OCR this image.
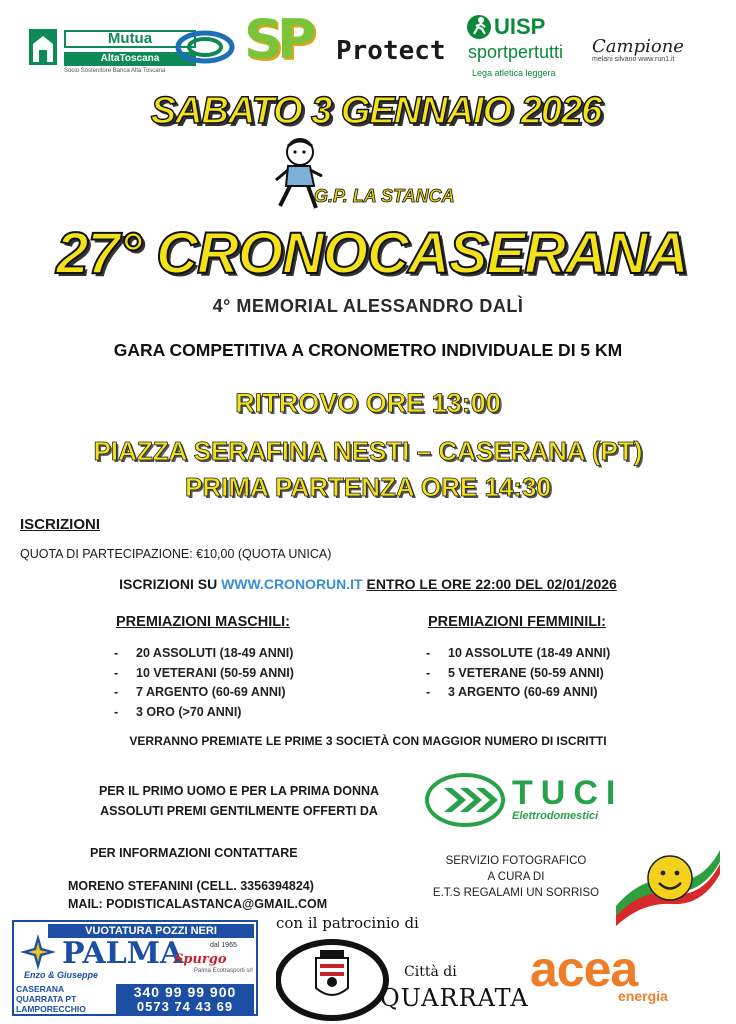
Mutua
AltaToscana
Socio Sostenitore Banca Alta Toscana	SP Protect
UISP
sportpertutti
Lega atletica leggera
Campione
melani silvano www.run1.it
SABATO 3 GENNAIO 2026
G.P. LA STANCA
27° CRONOCASERANA
4° MEMORIAL ALESSANDRO DALÌ
GARA COMPETITIVA A CRONOMETRO INDIVIDUALE DI 5 KM
RITROVO ORE 13:00
PIAZZA SERAFINA NESTI – CASERANA (PT)
PRIMA PARTENZA ORE 14:30
ISCRIZIONI
QUOTA DI PARTECIPAZIONE: €10,00 (QUOTA UNICA)
ISCRIZIONI SU WWW.CRONORUN.IT ENTRO LE ORE 22:00 DEL 02/01/2026
PREMIAZIONI MASCHILI:
- 20 ASSOLUTI (18-49 ANNI)
- 10 VETERANI (50-59 ANNI)
- 7 ARGENTO (60-69 ANNI)
- 3 ORO (>70 ANNI)
PREMIAZIONI FEMMINILI:
- 10 ASSOLUTE (18-49 ANNI)
- 5 VETERANE (50-59 ANNI)
- 3 ARGENTO (60-69 ANNI)
VERRANNO PREMIATE LE PRIME 3 SOCIETÀ CON MAGGIOR NUMERO DI ISCRITTI
PER IL PRIMO UOMO E PER LA PRIMA DONNA
ASSOLUTI PREMI GENTILMENTE OFFERTI DA	TUCI
Elettrodomestici
PER INFORMAZIONI CONTATTARE
MORENO STEFANINI (CELL. 3356394824)
MAIL: PODISTICALASTANCA@GMAIL.COM
SERVIZIO FOTOGRAFICO
A CURA DI
E.T.S REGALAMI UN SORRISO
VUOTATURA POZZI NERI
PALMA	dal 1965
Spurgo
Enzo & Giuseppe	Palma Ecotrasporti srl
CASERANA
QUARRATA PT
LAMPORECCHIO
340 99 99 900
0573 74 43 69
con il patrocinio di
Città di
QUARRATA
acea
energia
